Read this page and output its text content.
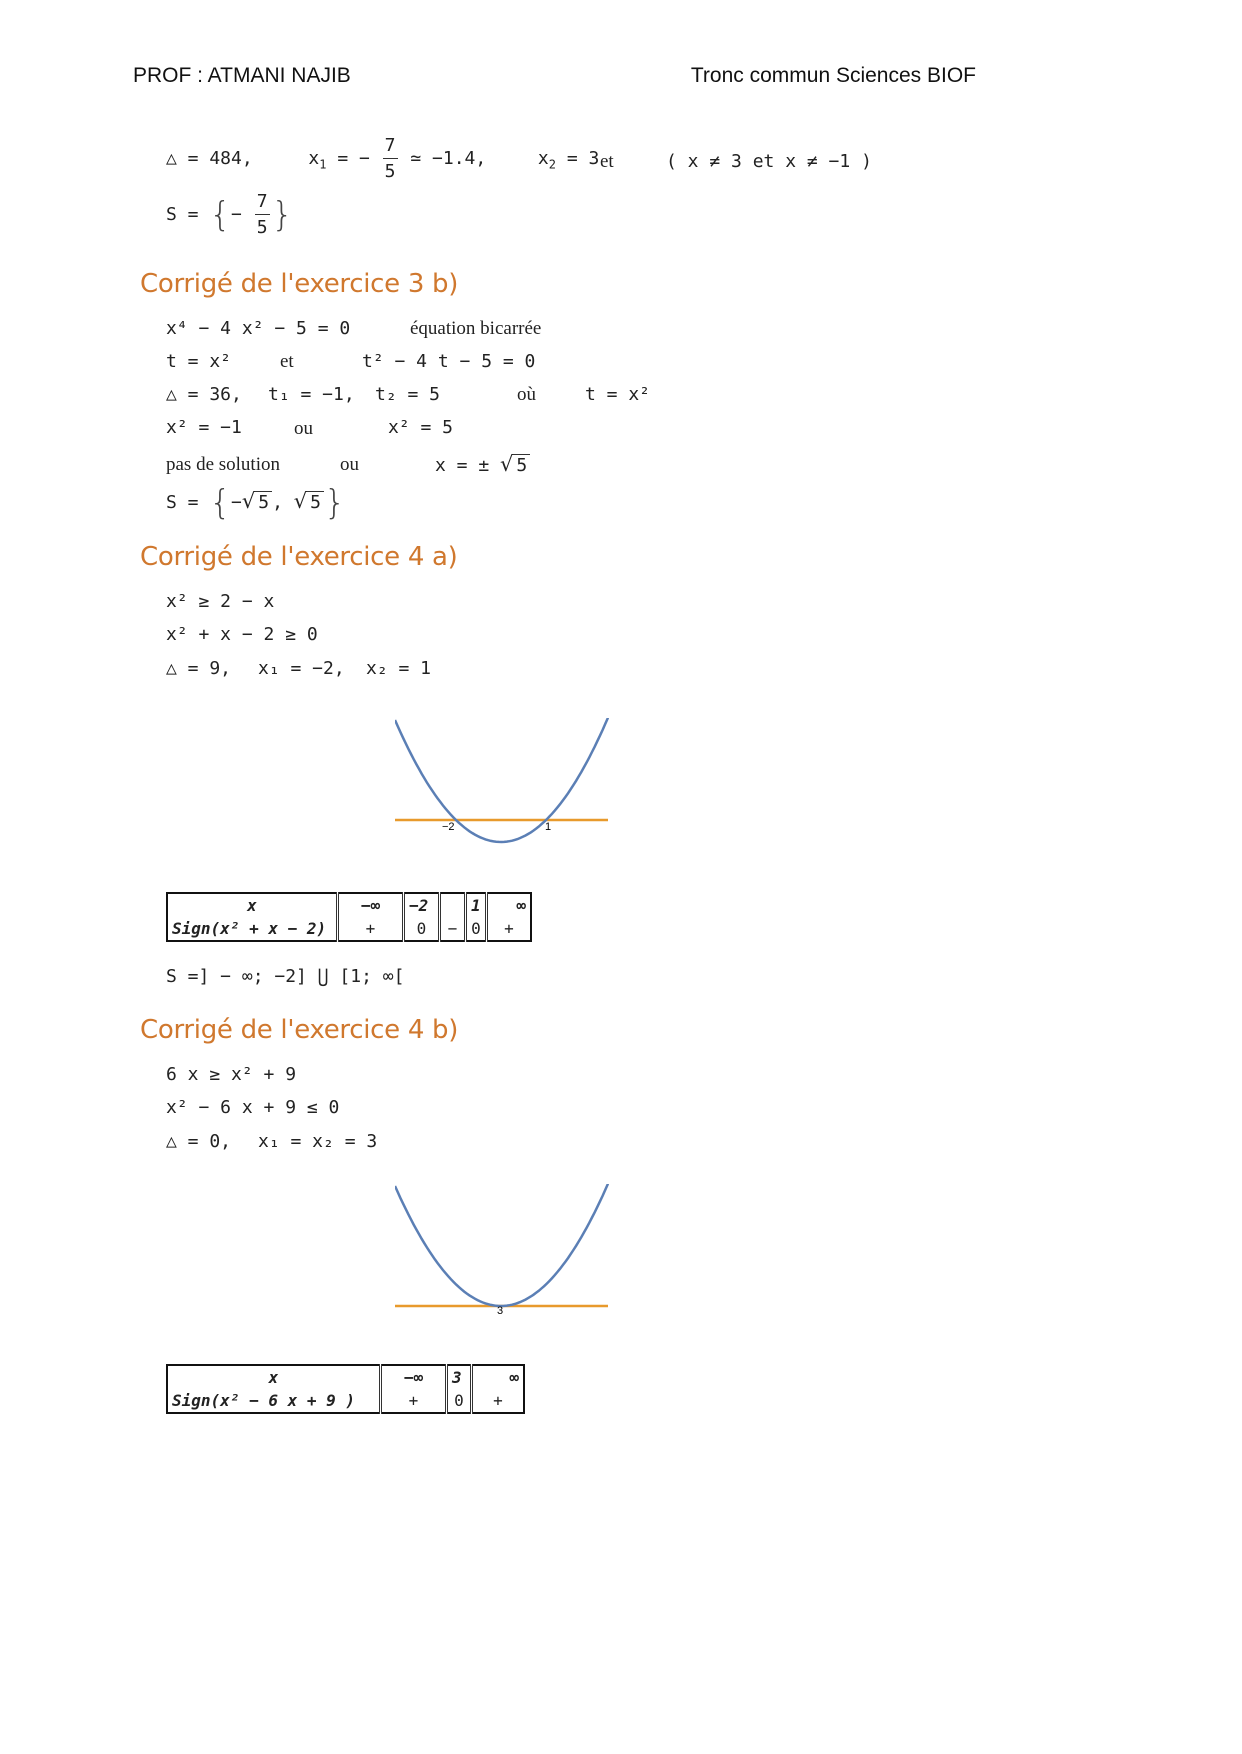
PROF : ATMANI NAJIB	Tronc commun Sciences BIOF
△ = 484,	$x_1$ = − $\frac{7}{5}$ ≃ −1.4,	$x_2 = 3$ et	( x ≠ 3 et x ≠ −1 )
S = {− $\frac{7}{5}$ }
Corrigé de l'exercice 3 b)
x⁴ − 4 x² − 5 = 0	équation bicarrée
t = x²	et	t² − 4 t − 5 = 0
△ = 36, t₁ = −1, t₂ = 5	où	t = x²
x² = −1	ou	x² = 5
pas de solution	ou	x = ± √ 5
S = {−√ 5 , √ 5}
Corrigé de l'exercice 4 a)
x² ≥ 2 − x
x² + x − 2 ≥ 0
△ = 9, x₁ = −2, x₂ = 1
−2	1
x	−∞	−2		1	∞
Sign(x² + x − 2)	+	0	−	0	+
S =] − ∞; −2] ⋃ [1; ∞[
Corrigé de l'exercice 4 b)
6 x ≥ x² + 9
x² − 6 x + 9 ≤ 0
△ = 0, x₁ = x₂ = 3
3
x	−∞	3	∞
Sign(x² − 6 x + 9 )	+	0	+
